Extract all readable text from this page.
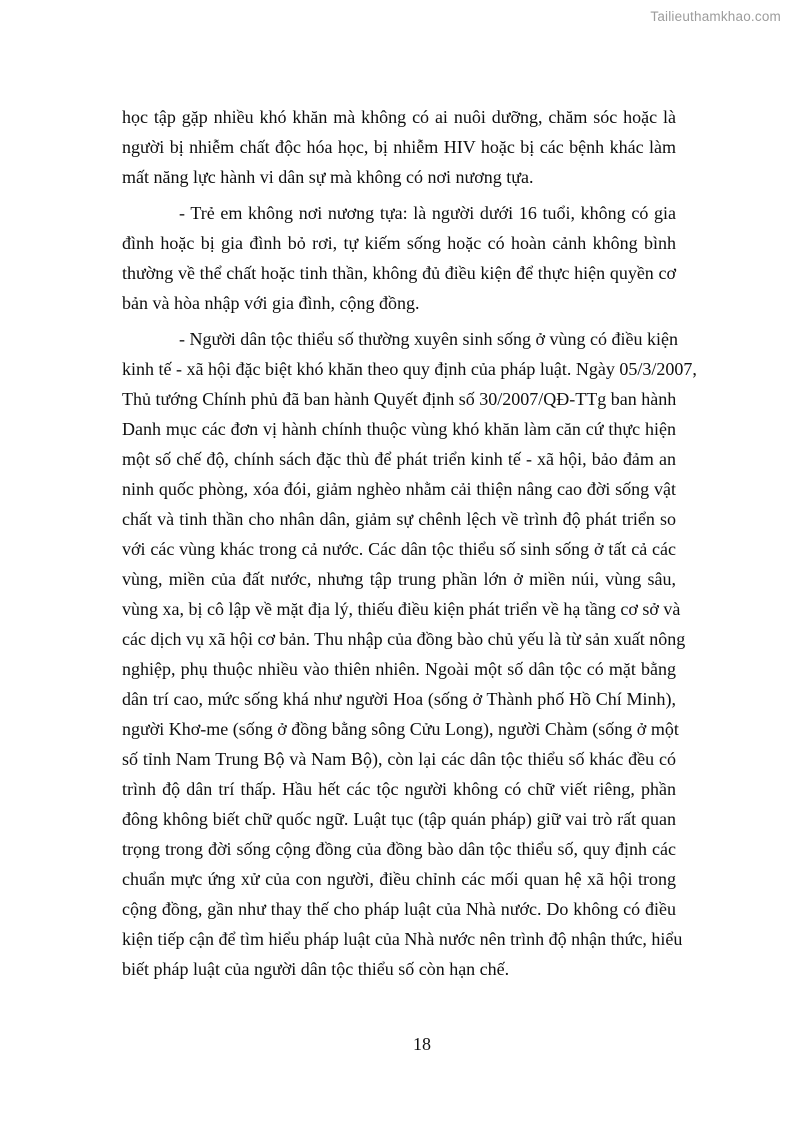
Tailieuthamkhao.com
học tập gặp nhiều khó khăn mà không có ai nuôi dưỡng, chăm sóc hoặc là
người bị nhiễm chất độc hóa học, bị nhiễm HIV hoặc bị các bệnh khác làm
mất năng lực hành vi dân sự mà không có nơi nương tựa.
- Trẻ em không nơi nương tựa: là người dưới 16 tuổi, không có gia
đình hoặc bị gia đình bỏ rơi, tự kiếm sống hoặc có hoàn cảnh không bình
thường về thể chất hoặc tinh thần, không đủ điều kiện để thực hiện quyền cơ
bản và hòa nhập với gia đình, cộng đồng.
- Người dân tộc thiểu số thường xuyên sinh sống ở vùng có điều kiện
kinh tế - xã hội đặc biệt khó khăn theo quy định của pháp luật. Ngày 05/3/2007,
Thủ tướng Chính phủ đã ban hành Quyết định số 30/2007/QĐ-TTg ban hành
Danh mục các đơn vị hành chính thuộc vùng khó khăn làm căn cứ thực hiện
một số chế độ, chính sách đặc thù để phát triển kinh tế - xã hội, bảo đảm an
ninh quốc phòng, xóa đói, giảm nghèo nhằm cải thiện nâng cao đời sống vật
chất và tinh thần cho nhân dân, giảm sự chênh lệch về trình độ phát triển so
với các vùng khác trong cả nước. Các dân tộc thiểu số sinh sống ở tất cả các
vùng, miền của đất nước, nhưng tập trung phần lớn ở miền núi, vùng sâu,
vùng xa, bị cô lập về mặt địa lý, thiếu điều kiện phát triển về hạ tầng cơ sở và
các dịch vụ xã hội cơ bản. Thu nhập của đồng bào chủ yếu là từ sản xuất nông
nghiệp, phụ thuộc nhiều vào thiên nhiên. Ngoài một số dân tộc có mặt bằng
dân trí cao, mức sống khá như người Hoa (sống ở Thành phố Hồ Chí Minh),
người Khơ-me (sống ở đồng bằng sông Cửu Long), người Chàm (sống ở một
số tỉnh Nam Trung Bộ và Nam Bộ), còn lại các dân tộc thiểu số khác đều có
trình độ dân trí thấp. Hầu hết các tộc người không có chữ viết riêng, phần
đông không biết chữ quốc ngữ. Luật tục (tập quán pháp) giữ vai trò rất quan
trọng trong đời sống cộng đồng của đồng bào dân tộc thiểu số, quy định các
chuẩn mực ứng xử của con người, điều chỉnh các mối quan hệ xã hội trong
cộng đồng, gần như thay thế cho pháp luật của Nhà nước. Do không có điều
kiện tiếp cận để tìm hiểu pháp luật của Nhà nước nên trình độ nhận thức, hiểu
biết pháp luật của người dân tộc thiểu số còn hạn chế.
18
